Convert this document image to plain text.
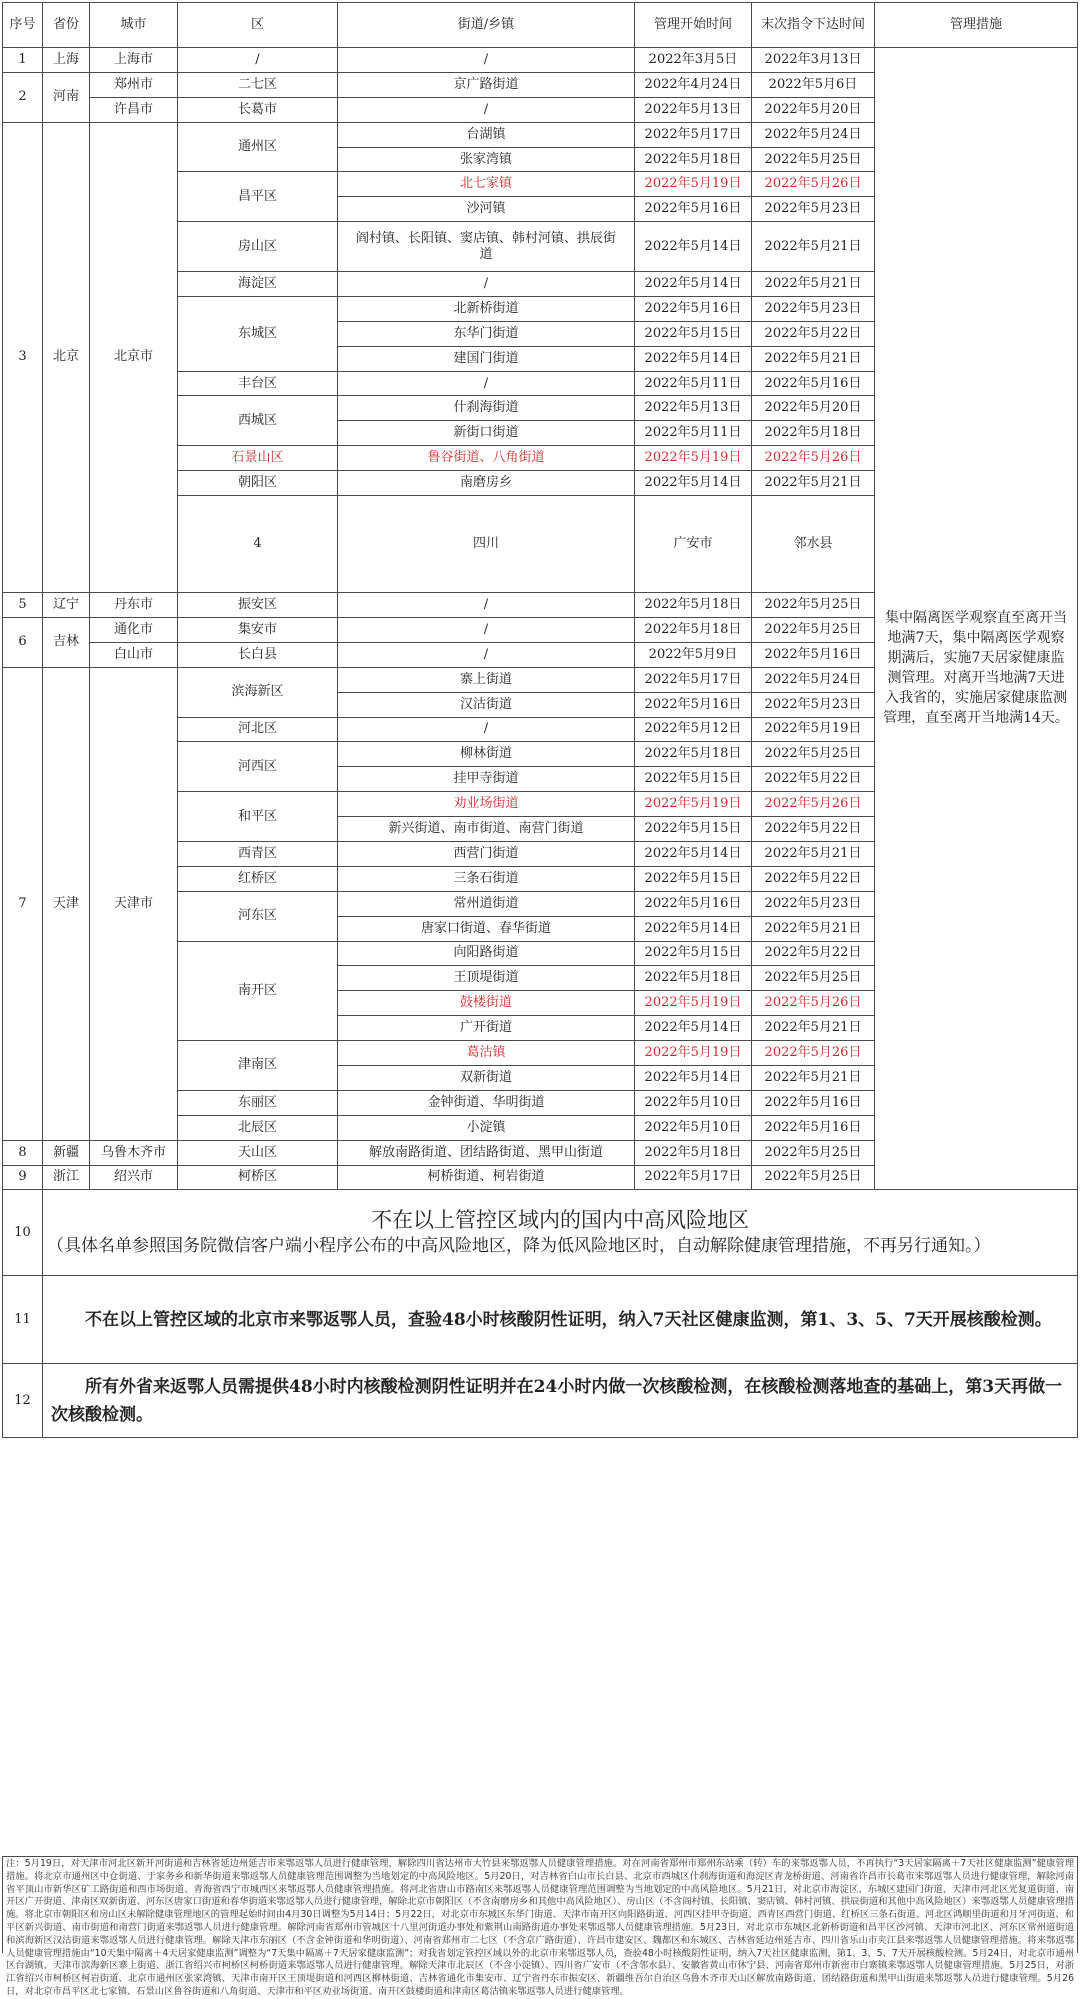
序号	省份	城市	区	街道/乡镇	管理开始时间	末次指令下达时间	管理措施	
1	上海	上海市	/	/	2022年3月5日	2022年3月13日	集中隔离医学观察直至离开当地满7天，集中隔离医学观察期满后，实施7天居家健康监测管理。对离开当地满7天进入我省的，实施居家健康监测管理，直至离开当地满14天。	
2	河南	郑州市	二七区	京广路街道	2022年4月24日	2022年5月6日		
		许昌市	长葛市	/	2022年5月13日	2022年5月20日		
3	北京	北京市	通州区	台湖镇	2022年5月17日	2022年5月24日		
				张家湾镇	2022年5月18日	2022年5月25日		
			昌平区	北七家镇	2022年5月19日	2022年5月26日		
				沙河镇	2022年5月16日	2022年5月23日		
			房山区	阎村镇、长阳镇、窦店镇、韩村河镇、拱辰街道	2022年5月14日	2022年5月21日		
			海淀区	/	2022年5月14日	2022年5月21日		
			东城区	北新桥街道	2022年5月16日	2022年5月23日		
				东华门街道	2022年5月15日	2022年5月22日		
				建国门街道	2022年5月14日	2022年5月21日		
			丰台区	/	2022年5月11日	2022年5月16日		
			西城区	什刹海街道	2022年5月13日	2022年5月20日		
				新街口街道	2022年5月11日	2022年5月18日		
			石景山区	鲁谷街道、八角街道	2022年5月19日	2022年5月26日		
			朝阳区	南磨房乡	2022年5月14日	2022年5月21日		
			4	四川	广安市	邻水县			
5	辽宁	丹东市	振安区	/	2022年5月18日	2022年5月25日		
6	吉林	通化市	集安市	/	2022年5月18日	2022年5月25日		
		白山市	长白县	/	2022年5月9日	2022年5月16日		
7	天津	天津市	滨海新区	寨上街道	2022年5月17日	2022年5月24日		
				汉沽街道	2022年5月16日	2022年5月23日		
			河北区	/	2022年5月12日	2022年5月19日		
			河西区	柳林街道	2022年5月18日	2022年5月25日		
				挂甲寺街道	2022年5月15日	2022年5月22日		
			和平区	劝业场街道	2022年5月19日	2022年5月26日		
				新兴街道、南市街道、南营门街道	2022年5月15日	2022年5月22日		
			西青区	西营门街道	2022年5月14日	2022年5月21日		
			红桥区	三条石街道	2022年5月15日	2022年5月22日		
			河东区	常州道街道	2022年5月16日	2022年5月23日		
				唐家口街道、春华街道	2022年5月14日	2022年5月21日		
			南开区	向阳路街道	2022年5月15日	2022年5月22日		
				王顶堤街道	2022年5月18日	2022年5月25日		
				鼓楼街道	2022年5月19日	2022年5月26日		
				广开街道	2022年5月14日	2022年5月21日		
			津南区	葛沽镇	2022年5月19日	2022年5月26日		
				双新街道	2022年5月14日	2022年5月21日		
			东丽区	金钟街道、华明街道	2022年5月10日	2022年5月16日		
			北辰区	小淀镇	2022年5月10日	2022年5月16日		
8	新疆	乌鲁木齐市	天山区	解放南路街道、团结路街道、黑甲山街道	2022年5月18日	2022年5月25日		
9	浙江	绍兴市	柯桥区	柯桥街道、柯岩街道	2022年5月17日	2022年5月25日		
10	不在以上管控区域内的国内中高风险地区
（具体名单参照国务院微信客户端小程序公布的中高风险地区，降为低风险地区时，自动解除健康管理措施，不再另行通知。）							

11	不在以上管控区域的北京市来鄂返鄂人员，查验48小时核酸阴性证明，纳入7天社区健康监测，第1、3、5、7天开展核酸检测。							
12	所有外省来返鄂人员需提供48小时内核酸检测阴性证明并在24小时内做一次核酸检测，在核酸检测落地查的基础上，第3天再做一次核酸检测。							
注：5月19日，对天津市河北区新开河街道和吉林省延边州延吉市来鄂返鄂人员进行健康管理，解除四川省达州市大竹县来鄂返鄂人员健康管理措施。对在河南省郑州市郑州东站乘（转）车的来鄂返鄂人员，不再执行“3天居家隔离＋7天社区健康监测”健康管理措施。将北京市通州区中仓街道、于家务乡和新华街道来鄂返鄂人员健康管理范围调整为当地划定的中高风险地区。5月20日，对吉林省白山市长白县、北京市西城区什刹海街道和海淀区青龙桥街道、河南省许昌市长葛市来鄂返鄂人员进行健康管理，解除河南省平顶山市新华区矿工路街道和西市场街道、青海省西宁市城西区来鄂返鄂人员健康管理措施。将河北省唐山市路南区来鄂返鄂人员健康管理范围调整为当地划定的中高风险地区。5月21日，对北京市海淀区、东城区建国门街道、天津市河北区光复道街道、南开区广开街道、津南区双新街道、河东区唐家口街道和春华街道来鄂返鄂人员进行健康管理，解除北京市朝阳区（不含南磨房乡和其他中高风险地区）、房山区（不含阎村镇、长阳镇、窦店镇、韩村河镇、拱辰街道和其他中高风险地区）来鄂返鄂人员健康管理措施。将北京市朝阳区和房山区未解除健康管理地区的管理起始时间由4月30日调整为5月14日；5月22日，对北京市东城区东华门街道、天津市南开区向阳路街道、河西区挂甲寺街道、西青区西营门街道、红桥区三条石街道、河北区鸿顺里街道和月牙河街道、和平区新兴街道、南市街道和南营门街道来鄂返鄂人员进行健康管理。解除河南省郑州市管城区十八里河街道办事处和紫荆山南路街道办事处来鄂返鄂人员健康管理措施。5月23日，对北京市东城区北新桥街道和昌平区沙河镇、天津市河北区、河东区常州道街道和滨海新区汉沽街道来鄂返鄂人员进行健康管理。解除天津市东丽区（不含金钟街道和华明街道）、河南省郑州市二七区（不含京广路街道）、许昌市建安区、魏都区和东城区、吉林省延边州延吉市、四川省乐山市夹江县来鄂返鄂人员健康管理措施。将来鄂返鄂人员健康管理措施由“10天集中隔离＋4天居家健康监测”调整为“7天集中隔离＋7天居家健康监测”；对我省划定管控区域以外的北京市来鄂返鄂人员，查验48小时核酸阴性证明，纳入7天社区健康监测，第1、3、5、7天开展核酸检测。5月24日，对北京市通州区台湖镇、天津市滨海新区寨上街道、浙江省绍兴市柯桥区柯桥街道来鄂返鄂人员进行健康管理。解除天津市北辰区（不含小淀镇）、四川省广安市（不含邻水县）、安徽省黄山市休宁县、河南省郑州市新密市白寨镇来鄂返鄂人员健康管理措施。5月25日，对浙江省绍兴市柯桥区柯岩街道、北京市通州区张家湾镇、天津市南开区王顶堤街道和河西区柳林街道、吉林省通化市集安市、辽宁省丹东市振安区、新疆维吾尔自治区乌鲁木齐市天山区解放南路街道、团结路街道和黑甲山街道来鄂返鄂人员进行健康管理。5月26日，对北京市昌平区北七家镇、石景山区鲁谷街道和八角街道、天津市和平区劝业场街道、南开区鼓楼街道和津南区葛沽镇来鄂返鄂人员进行健康管理。
